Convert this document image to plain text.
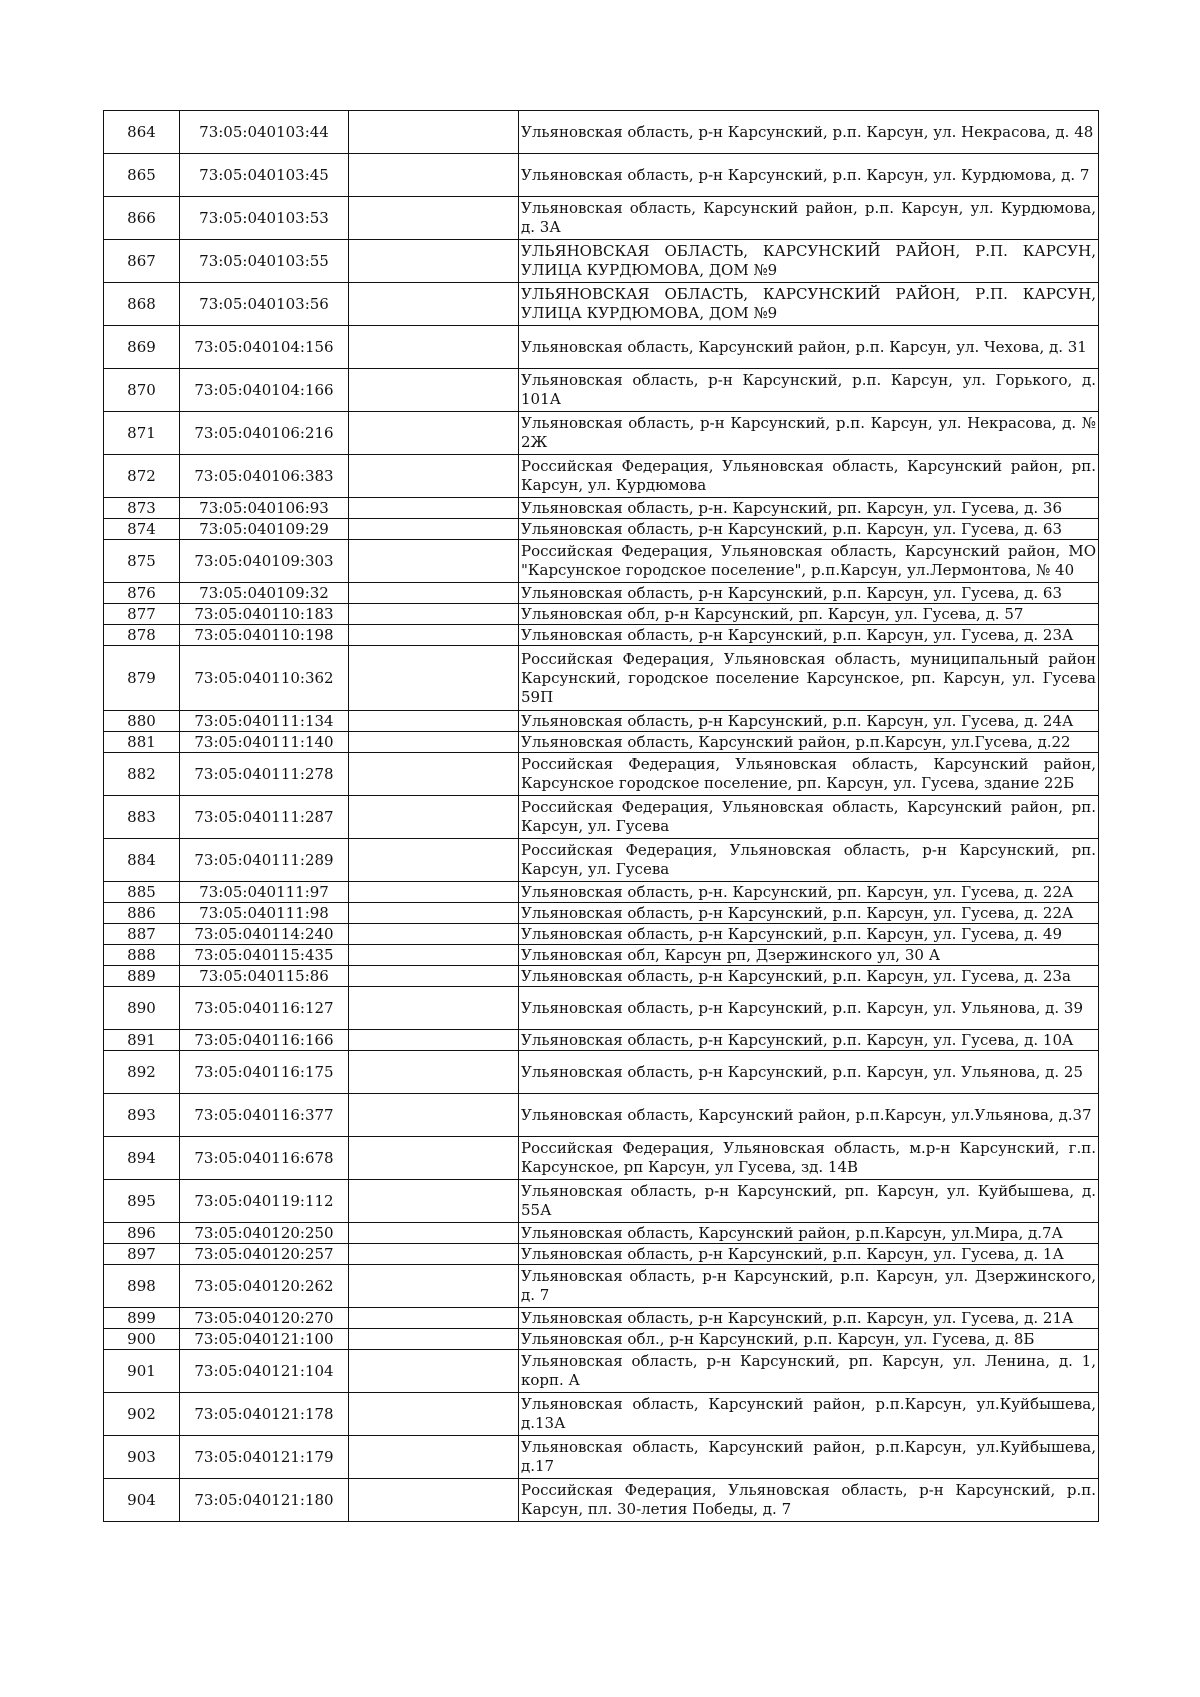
864	73:05:040103:44		Ульяновская область, р-н Карсунский, р.п. Карсун, ул. Некрасова, д. 48
865	73:05:040103:45		Ульяновская область, р-н Карсунский, р.п. Карсун, ул. Курдюмова, д. 7
866	73:05:040103:53		Ульяновская область, Карсунский район, р.п. Карсун, ул. Курдюмова, д. 3А
867	73:05:040103:55		УЛЬЯНОВСКАЯ ОБЛАСТЬ, КАРСУНСКИЙ РАЙОН, Р.П. КАРСУН, УЛИЦА КУРДЮМОВА, ДОМ №9
868	73:05:040103:56		УЛЬЯНОВСКАЯ ОБЛАСТЬ, КАРСУНСКИЙ РАЙОН, Р.П. КАРСУН, УЛИЦА КУРДЮМОВА, ДОМ №9
869	73:05:040104:156		Ульяновская область, Карсунский район, р.п. Карсун, ул. Чехова, д. 31
870	73:05:040104:166		Ульяновская область, р-н Карсунский, р.п. Карсун, ул. Горького, д. 101А
871	73:05:040106:216		Ульяновская область, р-н Карсунский, р.п. Карсун, ул. Некрасова, д. № 2Ж
872	73:05:040106:383		Российская Федерация, Ульяновская область, Карсунский район, рп. Карсун, ул. Курдюмова
873	73:05:040106:93		Ульяновская область, р-н. Карсунский, рп. Карсун, ул. Гусева, д. 36
874	73:05:040109:29		Ульяновская область, р-н Карсунский, р.п. Карсун, ул. Гусева, д. 63
875	73:05:040109:303		Российская Федерация, Ульяновская область, Карсунский район, МО "Карсунское городское поселение", р.п.Карсун, ул.Лермонтова, № 40
876	73:05:040109:32		Ульяновская область, р-н Карсунский, р.п. Карсун, ул. Гусева, д. 63
877	73:05:040110:183		Ульяновская обл, р-н Карсунский, рп. Карсун, ул. Гусева, д. 57
878	73:05:040110:198		Ульяновская область, р-н Карсунский, р.п. Карсун, ул. Гусева, д. 23А
879	73:05:040110:362		Российская Федерация, Ульяновская область, муниципальный район Карсунский, городское поселение Карсунское, рп. Карсун, ул. Гусева 59П
880	73:05:040111:134		Ульяновская область, р-н Карсунский, р.п. Карсун, ул. Гусева, д. 24А
881	73:05:040111:140		Ульяновская область, Карсунский район, р.п.Карсун, ул.Гусева, д.22
882	73:05:040111:278		Российская Федерация, Ульяновская область, Карсунский район, Карсунское городское поселение, рп. Карсун, ул. Гусева, здание 22Б
883	73:05:040111:287		Российская Федерация, Ульяновская область, Карсунский район, рп. Карсун, ул. Гусева
884	73:05:040111:289		Российская Федерация, Ульяновская область, р-н Карсунский, рп. Карсун, ул. Гусева
885	73:05:040111:97		Ульяновская область, р-н. Карсунский, рп. Карсун, ул. Гусева, д. 22А
886	73:05:040111:98		Ульяновская область, р-н Карсунский, р.п. Карсун, ул. Гусева, д. 22А
887	73:05:040114:240		Ульяновская область, р-н Карсунский, р.п. Карсун, ул. Гусева, д. 49
888	73:05:040115:435		Ульяновская обл, Карсун рп, Дзержинского ул, 30 А
889	73:05:040115:86		Ульяновская область, р-н Карсунский, р.п. Карсун, ул. Гусева, д. 23а
890	73:05:040116:127		Ульяновская область, р-н Карсунский, р.п. Карсун, ул. Ульянова, д. 39
891	73:05:040116:166		Ульяновская область, р-н Карсунский, р.п. Карсун, ул. Гусева, д. 10А
892	73:05:040116:175		Ульяновская область, р-н Карсунский, р.п. Карсун, ул. Ульянова, д. 25
893	73:05:040116:377		Ульяновская область, Карсунский район, р.п.Карсун, ул.Ульянова, д.37
894	73:05:040116:678		Российская Федерация, Ульяновская область, м.р-н Карсунский, г.п. Карсунское, рп Карсун, ул Гусева, зд. 14В
895	73:05:040119:112		Ульяновская область, р-н Карсунский, рп. Карсун, ул. Куйбышева, д. 55А
896	73:05:040120:250		Ульяновская область, Карсунский район, р.п.Карсун, ул.Мира, д.7А
897	73:05:040120:257		Ульяновская область, р-н Карсунский, р.п. Карсун, ул. Гусева, д. 1А
898	73:05:040120:262		Ульяновская область, р-н Карсунский, р.п. Карсун, ул. Дзержинского, д. 7
899	73:05:040120:270		Ульяновская область, р-н Карсунский, р.п. Карсун, ул. Гусева, д. 21А
900	73:05:040121:100		Ульяновская обл., р-н Карсунский, р.п. Карсун, ул. Гусева, д. 8Б
901	73:05:040121:104		Ульяновская область, р-н Карсунский, рп. Карсун, ул. Ленина, д. 1, корп. А
902	73:05:040121:178		Ульяновская область, Карсунский район, р.п.Карсун, ул.Куйбышева, д.13А
903	73:05:040121:179		Ульяновская область, Карсунский район, р.п.Карсун, ул.Куйбышева, д.17
904	73:05:040121:180		Российская Федерация, Ульяновская область, р-н Карсунский, р.п. Карсун, пл. 30-летия Победы, д. 7
